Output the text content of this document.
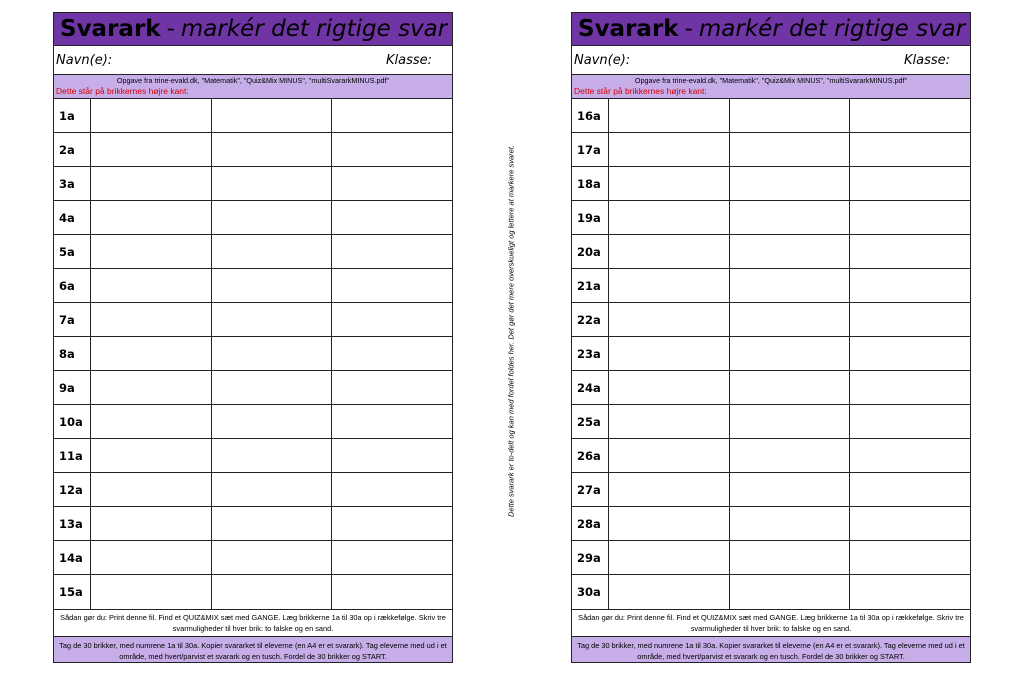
Svarark - markér det rigtige svar
Navn(e):	Klasse:
Opgave fra trine-evald.dk, "Matematik", "Quiz&Mix MINUS", "multiSvararkMINUS.pdf"
Dette står på brikkernes højre kant:
1a
2a
3a
4a
5a
6a
7a
8a
9a
10a
11a
12a
13a
14a
15a
Sådan gør du: Print denne fil. Find et QUIZ&MIX sæt med GANGE. Læg brikkerne 1a til 30a op i rækkefølge. Skriv tre svarmuligheder til hver brik: to falske og en sand.
Tag de 30 brikker, med numrene 1a til 30a. Kopier svararket til eleverne (en A4 er et svarark). Tag eleverne med ud i et område, med hvert/parvist et svarark og en tusch. Fordel de 30 brikker og START.
Dette svarark er to-delt og kan med fordel foldes her. Det gør det mere overskueligt og lettere at markere svaret.
Svarark - markér det rigtige svar
Navn(e):	Klasse:
Opgave fra trine-evald.dk, "Matematik", "Quiz&Mix MINUS", "multiSvararkMINUS.pdf"
Dette står på brikkernes højre kant:
16a
17a
18a
19a
20a
21a
22a
23a
24a
25a
26a
27a
28a
29a
30a
Sådan gør du: Print denne fil. Find et QUIZ&MIX sæt med GANGE. Læg brikkerne 1a til 30a op i rækkefølge. Skriv tre svarmuligheder til hver brik: to falske og en sand.
Tag de 30 brikker, med numrene 1a til 30a. Kopier svararket til eleverne (en A4 er et svarark). Tag eleverne med ud i et område, med hvert/parvist et svarark og en tusch. Fordel de 30 brikker og START.
